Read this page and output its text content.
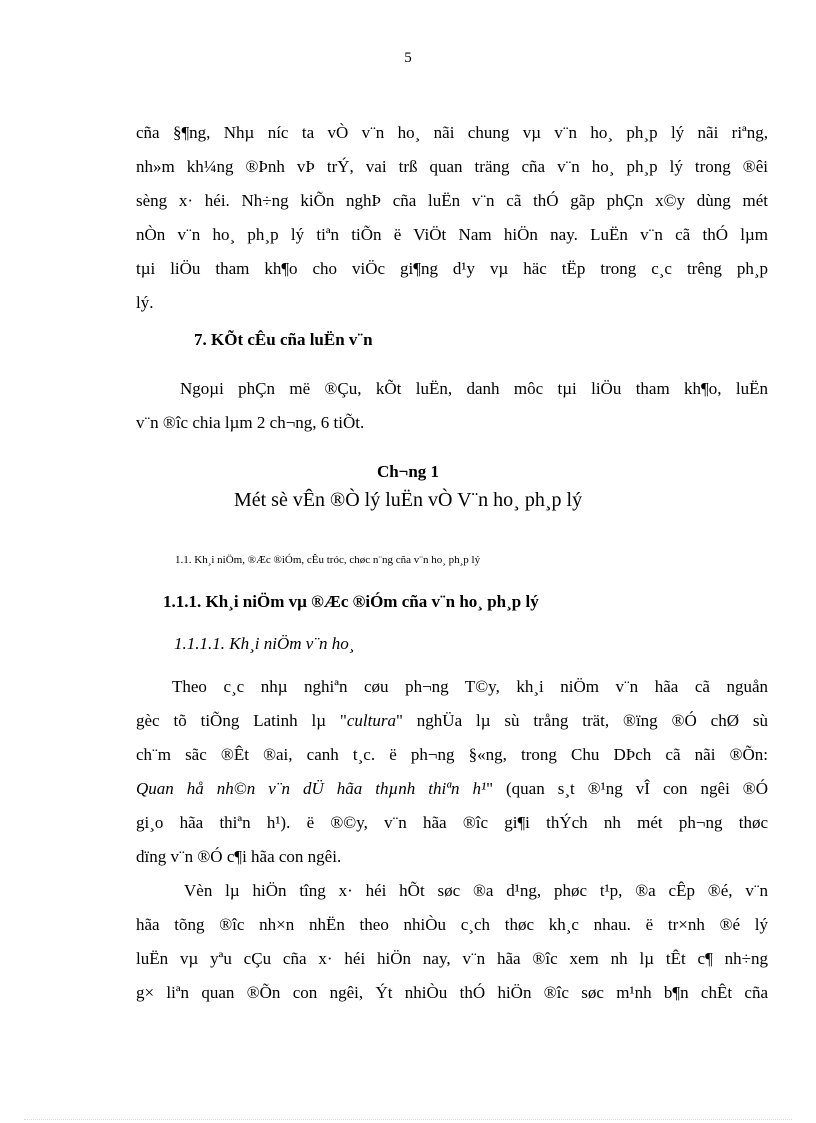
5
cña §¶ng, Nhµ níc ta vÒ v¨n ho¸ nãi chung vµ v¨n ho¸ ph¸p lý nãi riªng,
nh»m kh¼ng ®Þnh vÞ trÝ, vai trß quan träng cña v¨n ho¸ ph¸p lý trong ®êi
sèng x· héi. Nh÷ng kiÕn nghÞ cña luËn v¨n cã thÓ gãp phÇn x©y dùng mét
nÒn v¨n ho¸ ph¸p lý tiªn tiÕn ë ViÖt Nam hiÖn nay. LuËn v¨n cã thÓ lµm
tµi liÖu tham kh¶o cho viÖc gi¶ng d¹y vµ häc tËp trong c¸c trêng ph¸p
lý.
7. KÕt cÊu cña luËn v¨n
Ngoµi phÇn më ®Çu, kÕt luËn, danh môc tµi liÖu tham kh¶o, luËn
v¨n ®îc chia lµm 2 ch¬ng, 6 tiÕt.
Ch¬ng 1
Mét sè vÊn ®Ò lý luËn vÒ V¨n ho¸ ph¸p lý
1.1. Kh¸i niÖm, ®Æc ®iÓm, cÊu tróc, chøc n¨ng cña v¨n ho¸ ph¸p lý
1.1.1. Kh¸i niÖm vµ ®Æc ®iÓm cña v¨n ho¸ ph¸p lý
1.1.1.1. Kh¸i niÖm v¨n ho¸
Theo c¸c nhµ nghiªn cøu ph¬ng T©y, kh¸i niÖm v¨n hãa cã nguån
gèc tõ tiÕng Latinh lµ "cultura" nghÜa lµ sù trång trät, ®ïng ®Ó chØ sù
ch¨m sãc ®Êt ®ai, canh t¸c. ë ph¬ng §«ng, trong Chu DÞch cã nãi ®Õn:
Quan hå nh©n v¨n dÜ hãa thµnh thiªn h¹" (quan s¸t ®¹ng vÎ con ngêi ®Ó
gi¸o hãa thiªn h¹). ë ®©y, v¨n hãa ®îc gi¶i thÝch nh mét ph¬ng thøc
dïng v¨n ®Ó c¶i hãa con ngêi.
Vèn lµ hiÖn tîng x· héi hÕt søc ®a d¹ng, phøc t¹p, ®a cÊp ®é, v¨n
hãa tõng ®îc nh×n nhËn theo nhiÒu c¸ch thøc kh¸c nhau. ë tr×nh ®é lý
luËn vµ yªu cÇu cña x· héi hiÖn nay, v¨n hãa ®îc xem nh lµ tÊt c¶ nh÷ng
g× liªn quan ®Õn con ngêi, Ýt nhiÒu thÓ hiÖn ®îc søc m¹nh b¶n chÊt cña
